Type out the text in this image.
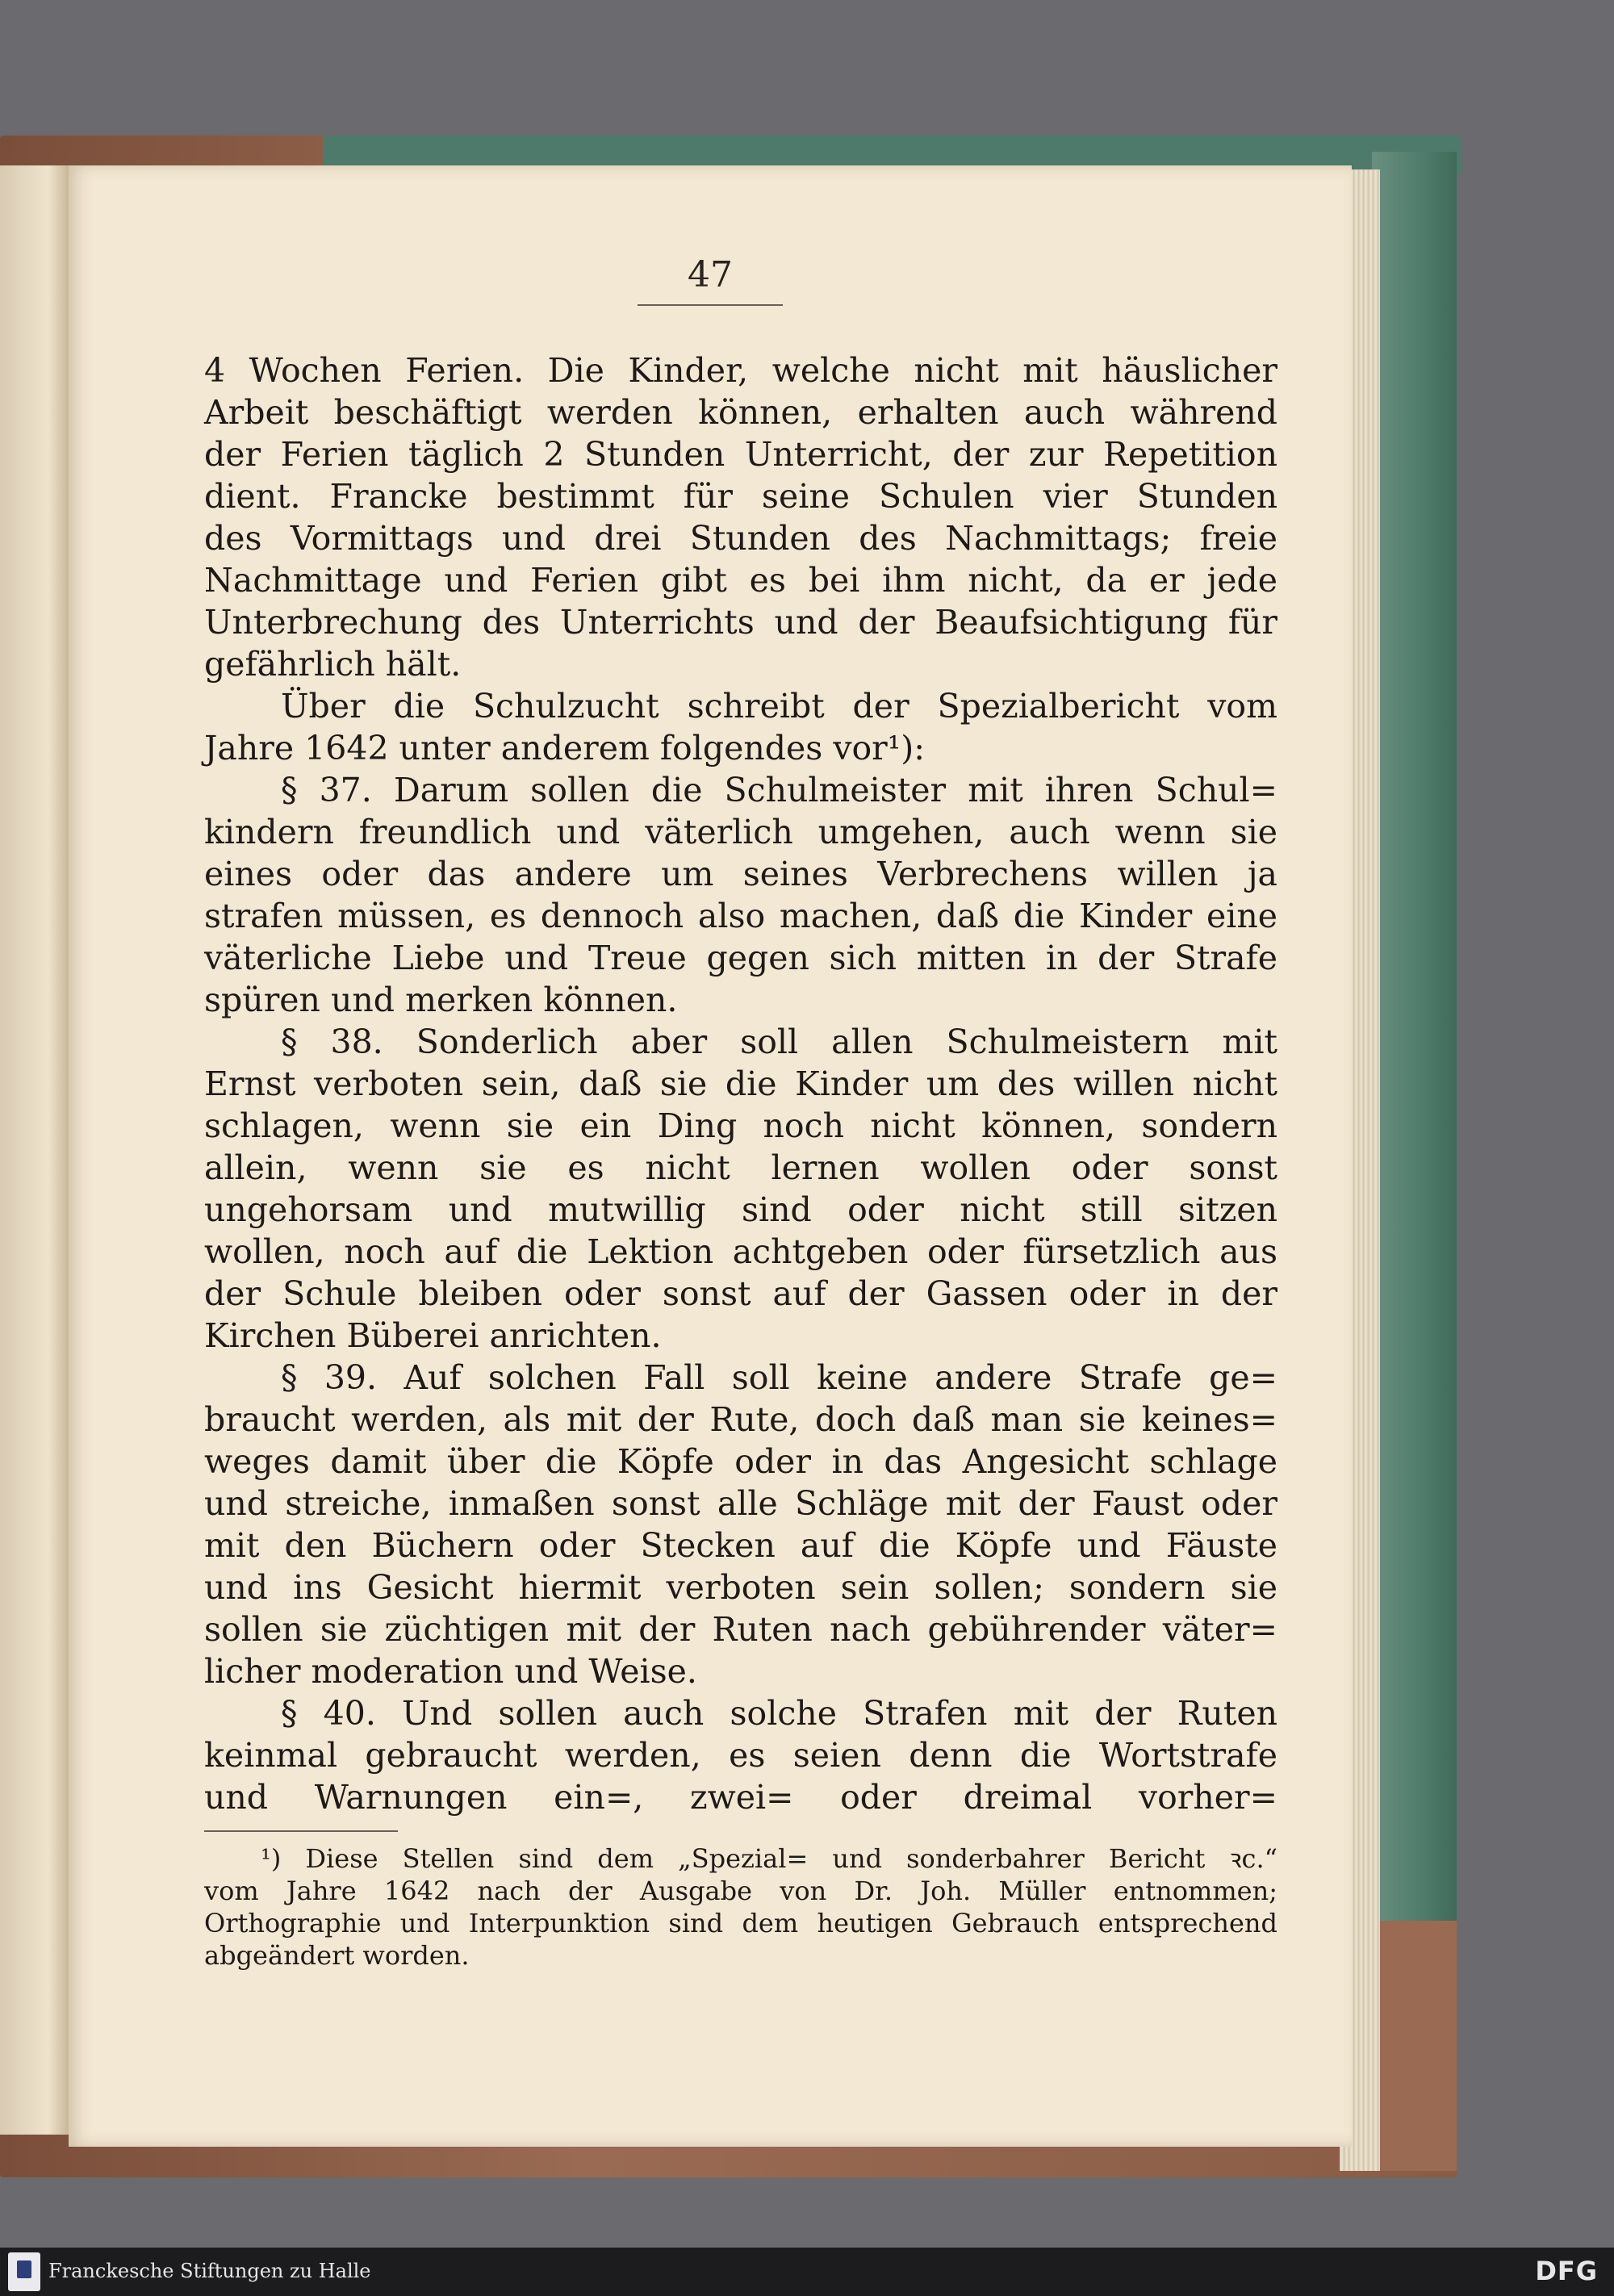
47
4 Wochen Ferien. Die Kinder, welche nicht mit häuslicher
Arbeit beschäftigt werden können, erhalten auch während
der Ferien täglich 2 Stunden Unterricht, der zur Repetition
dient. Francke bestimmt für seine Schulen vier Stunden
des Vormittags und drei Stunden des Nachmittags; freie
Nachmittage und Ferien gibt es bei ihm nicht, da er jede
Unterbrechung des Unterrichts und der Beaufsichtigung für
gefährlich hält.
Über die Schulzucht schreibt der Spezialbericht vom
Jahre 1642 unter anderem folgendes vor¹):
§ 37. Darum sollen die Schulmeister mit ihren Schul=
kindern freundlich und väterlich umgehen, auch wenn sie
eines oder das andere um seines Verbrechens willen ja
strafen müssen, es dennoch also machen, daß die Kinder eine
väterliche Liebe und Treue gegen sich mitten in der Strafe
spüren und merken können.
§ 38. Sonderlich aber soll allen Schulmeistern mit
Ernst verboten sein, daß sie die Kinder um des willen nicht
schlagen, wenn sie ein Ding noch nicht können, sondern
allein, wenn sie es nicht lernen wollen oder sonst
ungehorsam und mutwillig sind oder nicht still sitzen
wollen, noch auf die Lektion achtgeben oder fürsetzlich aus
der Schule bleiben oder sonst auf der Gassen oder in der
Kirchen Büberei anrichten.
§ 39. Auf solchen Fall soll keine andere Strafe ge=
braucht werden, als mit der Rute, doch daß man sie keines=
weges damit über die Köpfe oder in das Angesicht schlage
und streiche, inmaßen sonst alle Schläge mit der Faust oder
mit den Büchern oder Stecken auf die Köpfe und Fäuste
und ins Gesicht hiermit verboten sein sollen; sondern sie
sollen sie züchtigen mit der Ruten nach gebührender väter=
licher moderation und Weise.
§ 40. Und sollen auch solche Strafen mit der Ruten
keinmal gebraucht werden, es seien denn die Wortstrafe
und Warnungen ein=, zwei= oder dreimal vorher=
¹) Diese Stellen sind dem „Spezial= und sonderbahrer Bericht ꝛc.“
vom Jahre 1642 nach der Ausgabe von Dr. Joh. Müller entnommen;
Orthographie und Interpunktion sind dem heutigen Gebrauch entsprechend
abgeändert worden.
Franckesche Stiftungen zu Halle	DFG
